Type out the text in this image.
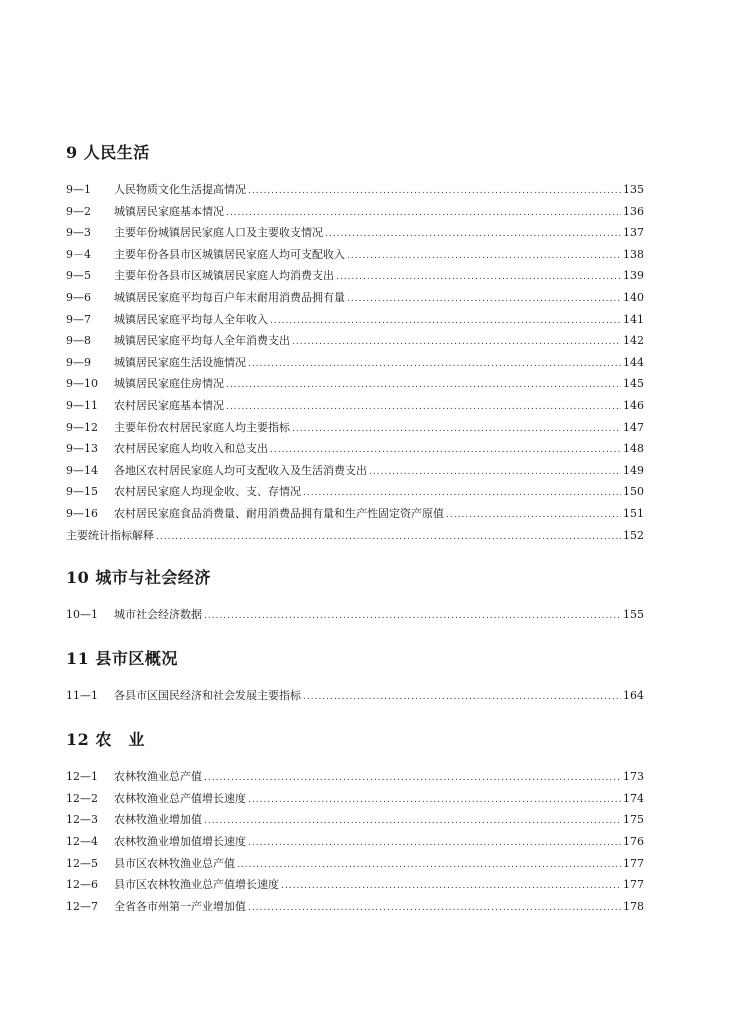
9 人民生活
9—1	人民物质文化生活提高情况 .....	135
9—2	城镇居民家庭基本情况 .....	136
9—3	主要年份城镇居民家庭人口及主要收支情况 .....	137
9－4	主要年份各县市区城镇居民家庭人均可支配收入 .....	138
9—5	主要年份各县市区城镇居民家庭人均消费支出 .....	139
9—6	城镇居民家庭平均每百户年末耐用消费品拥有量 .....	140
9—7	城镇居民家庭平均每人全年收入 .....	141
9—8	城镇居民家庭平均每人全年消费支出 .....	142
9—9	城镇居民家庭生活设施情况 .....	144
9—10	城镇居民家庭住房情况 .....	145
9—11	农村居民家庭基本情况 .....	146
9—12	主要年份农村居民家庭人均主要指标 .....	147
9—13	农村居民家庭人均收入和总支出 .....	148
9—14	各地区农村居民家庭人均可支配收入及生活消费支出 .....	149
9—15	农村居民家庭人均现金收、支、存情况 .....	150
9—16	农村居民家庭食品消费量、耐用消费品拥有量和生产性固定资产原值 .....	151
主要统计指标解释 .....	152
10 城市与社会经济
10—1	城市社会经济数据 .....	155
11 县市区概况
11—1	各县市区国民经济和社会发展主要指标 .....	164
12 农　业
12—1	农林牧渔业总产值 .....	173
12—2	农林牧渔业总产值增长速度 .....	174
12—3	农林牧渔业增加值 .....	175
12—4	农林牧渔业增加值增长速度 .....	176
12—5	县市区农林牧渔业总产值 .....	177
12—6	县市区农林牧渔业总产值增长速度 .....	177
12—7	全省各市州第一产业增加值 .....	178
